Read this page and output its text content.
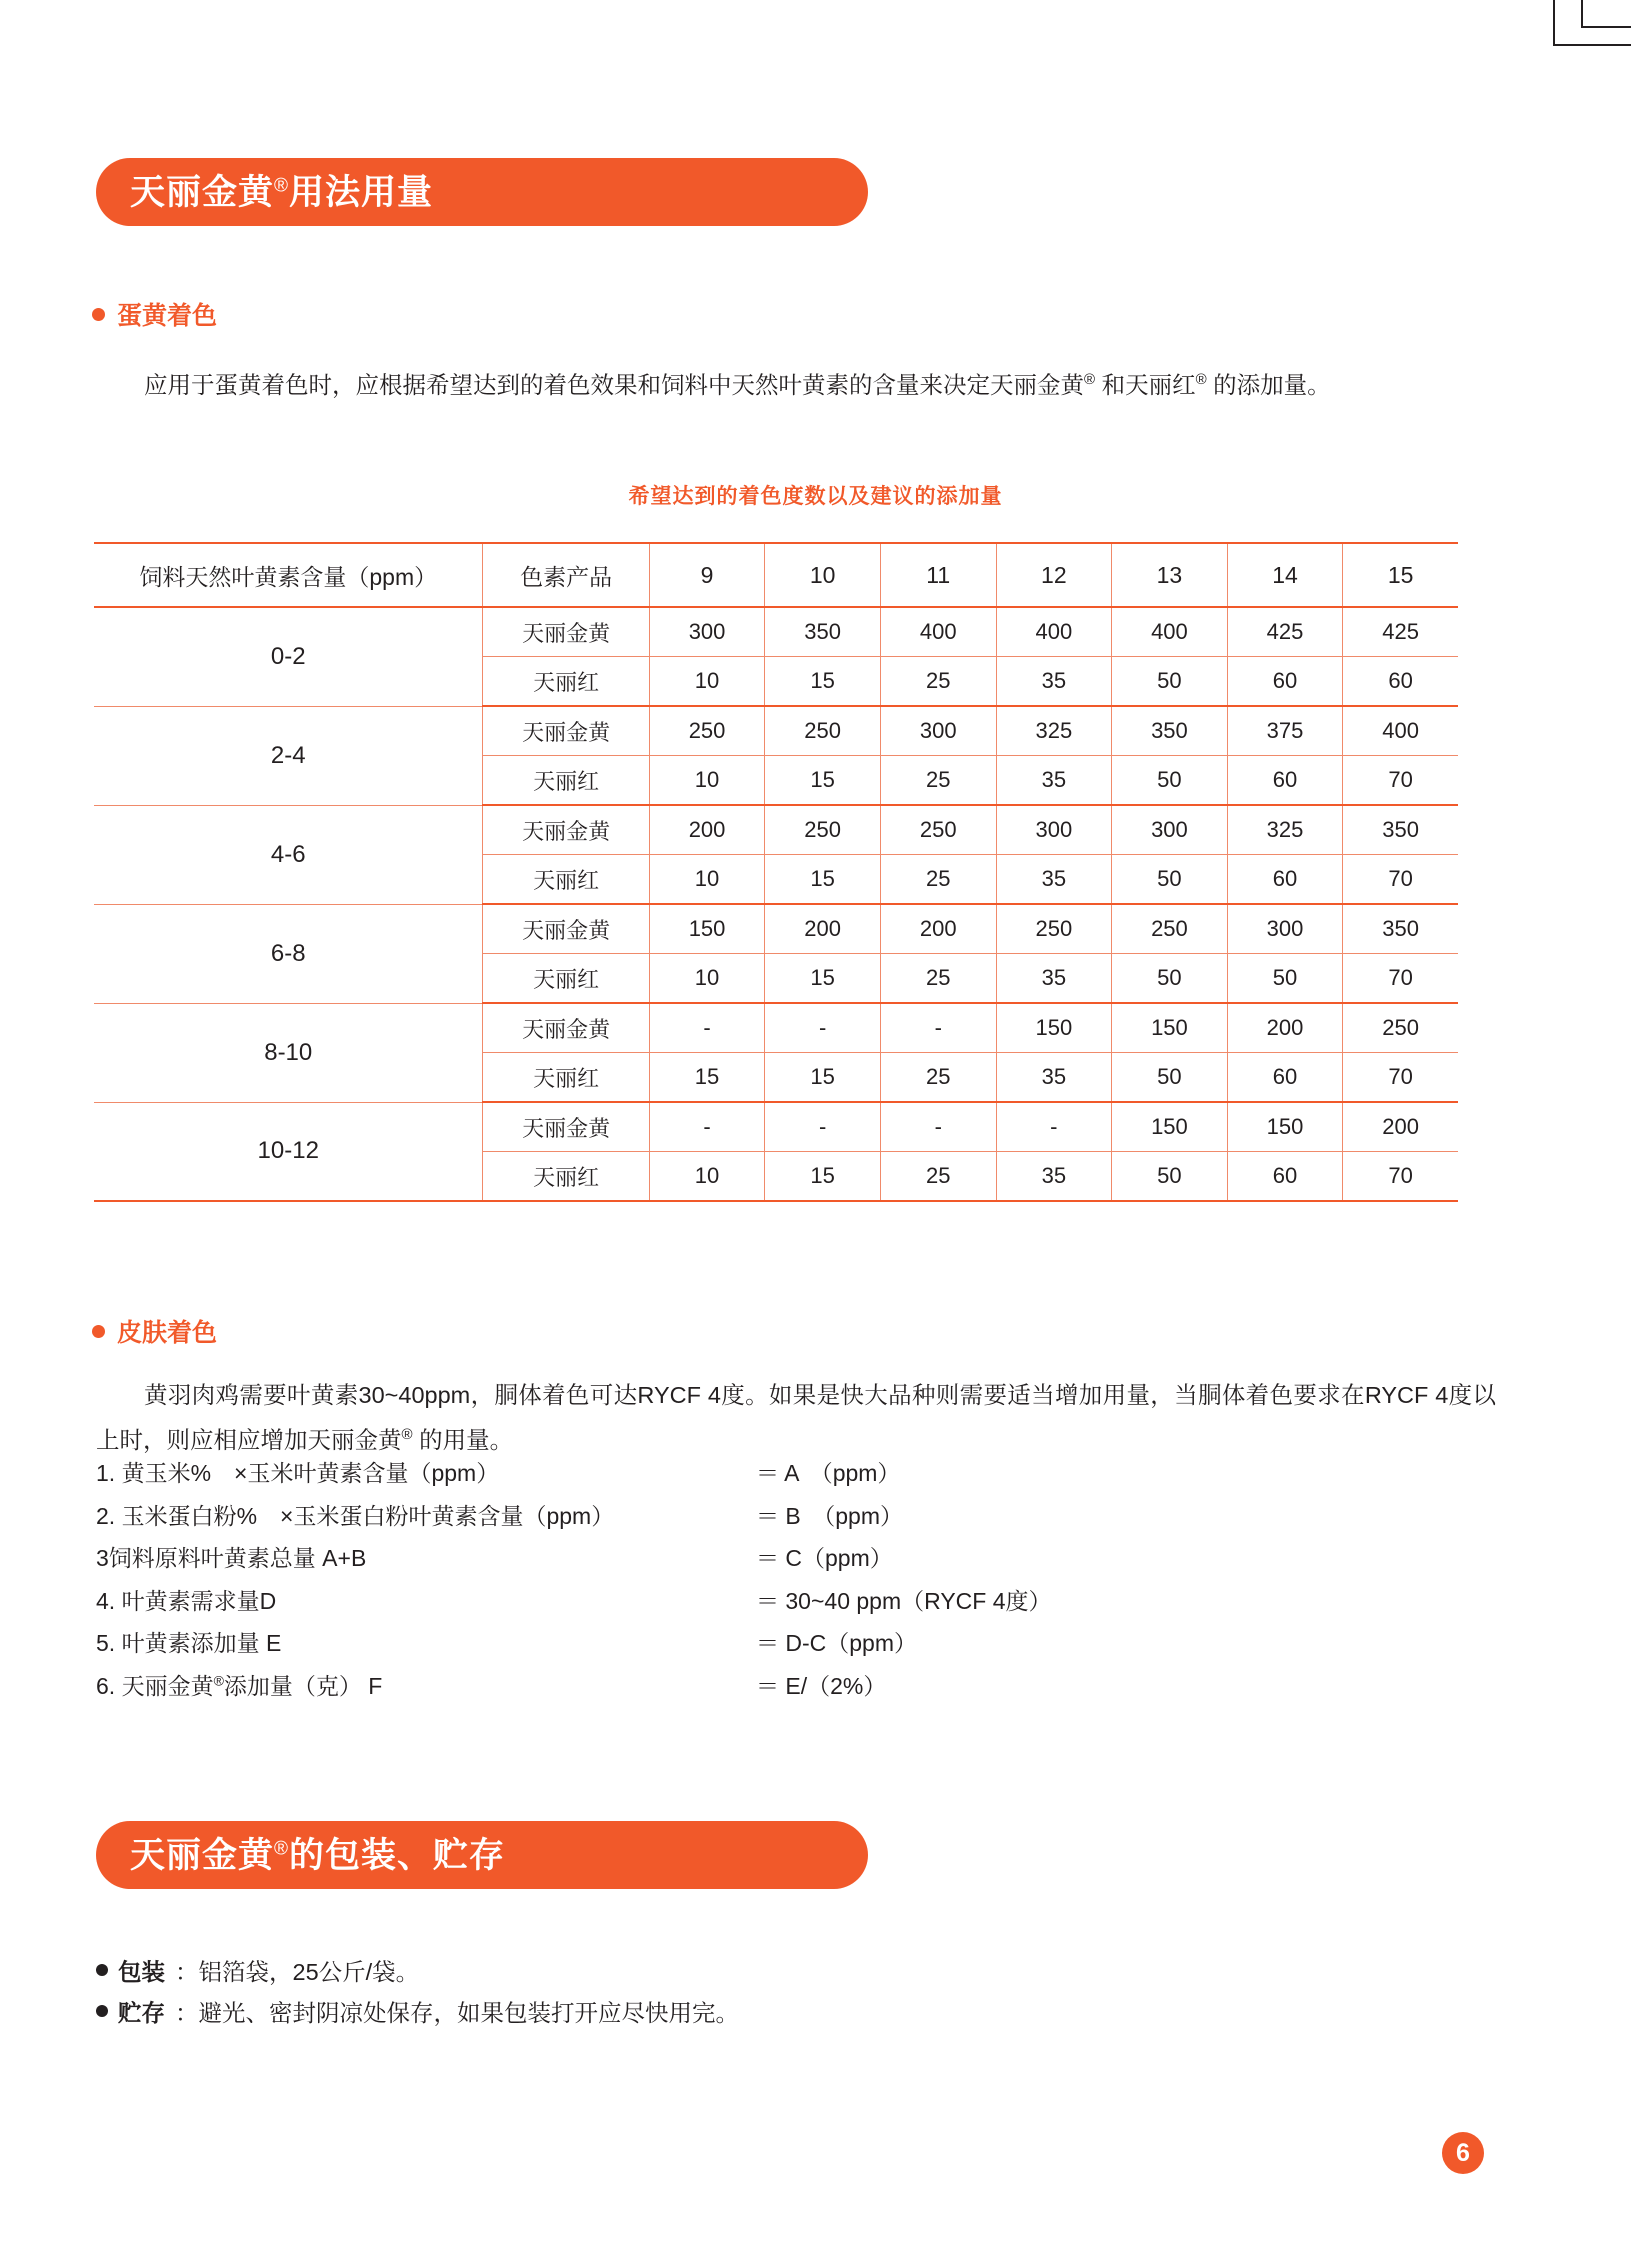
天丽金黄®用法用量
蛋黄着色
应用于蛋黄着色时，应根据希望达到的着色效果和饲料中天然叶黄素的含量来决定天丽金黄® 和天丽红® 的添加量。
希望达到的着色度数以及建议的添加量
饲料天然叶黄素含量（ppm）	色素产品	9	10	11	12	13	14	15
0-2	天丽金黄	300	350	400	400	400	425	425
	天丽红	10	15	25	35	50	60	60
2-4	天丽金黄	250	250	300	325	350	375	400
	天丽红	10	15	25	35	50	60	70
4-6	天丽金黄	200	250	250	300	300	325	350
	天丽红	10	15	25	35	50	60	70
6-8	天丽金黄	150	200	200	250	250	300	350
	天丽红	10	15	25	35	50	50	70
8-10	天丽金黄	-	-	-	150	150	200	250
	天丽红	15	15	25	35	50	60	70
10-12	天丽金黄	-	-	-	-	150	150	200
	天丽红	10	15	25	35	50	60	70
皮肤着色
黄羽肉鸡需要叶黄素30~40ppm，胴体着色可达RYCF 4度。如果是快大品种则需要适当增加用量，当胴体着色要求在RYCF 4度以上时，则应相应增加天丽金黄® 的用量。
1. 黄玉米%　×玉米叶黄素含量（ppm）	＝ A　（ppm）
2. 玉米蛋白粉%　×玉米蛋白粉叶黄素含量（ppm）	＝ B　（ppm）
3饲料原料叶黄素总量 A+B	＝ C（ppm）
4. 叶黄素需求量D	＝ 30~40 ppm（RYCF 4度）
5. 叶黄素添加量 E	＝ D-C（ppm）
6. 天丽金黄®添加量（克） F	＝ E/（2%）
天丽金黄®的包装、贮存
包装 ：铝箔袋，25公斤/袋。
贮存 ：避光、密封阴凉处保存，如果包装打开应尽快用完。
6
